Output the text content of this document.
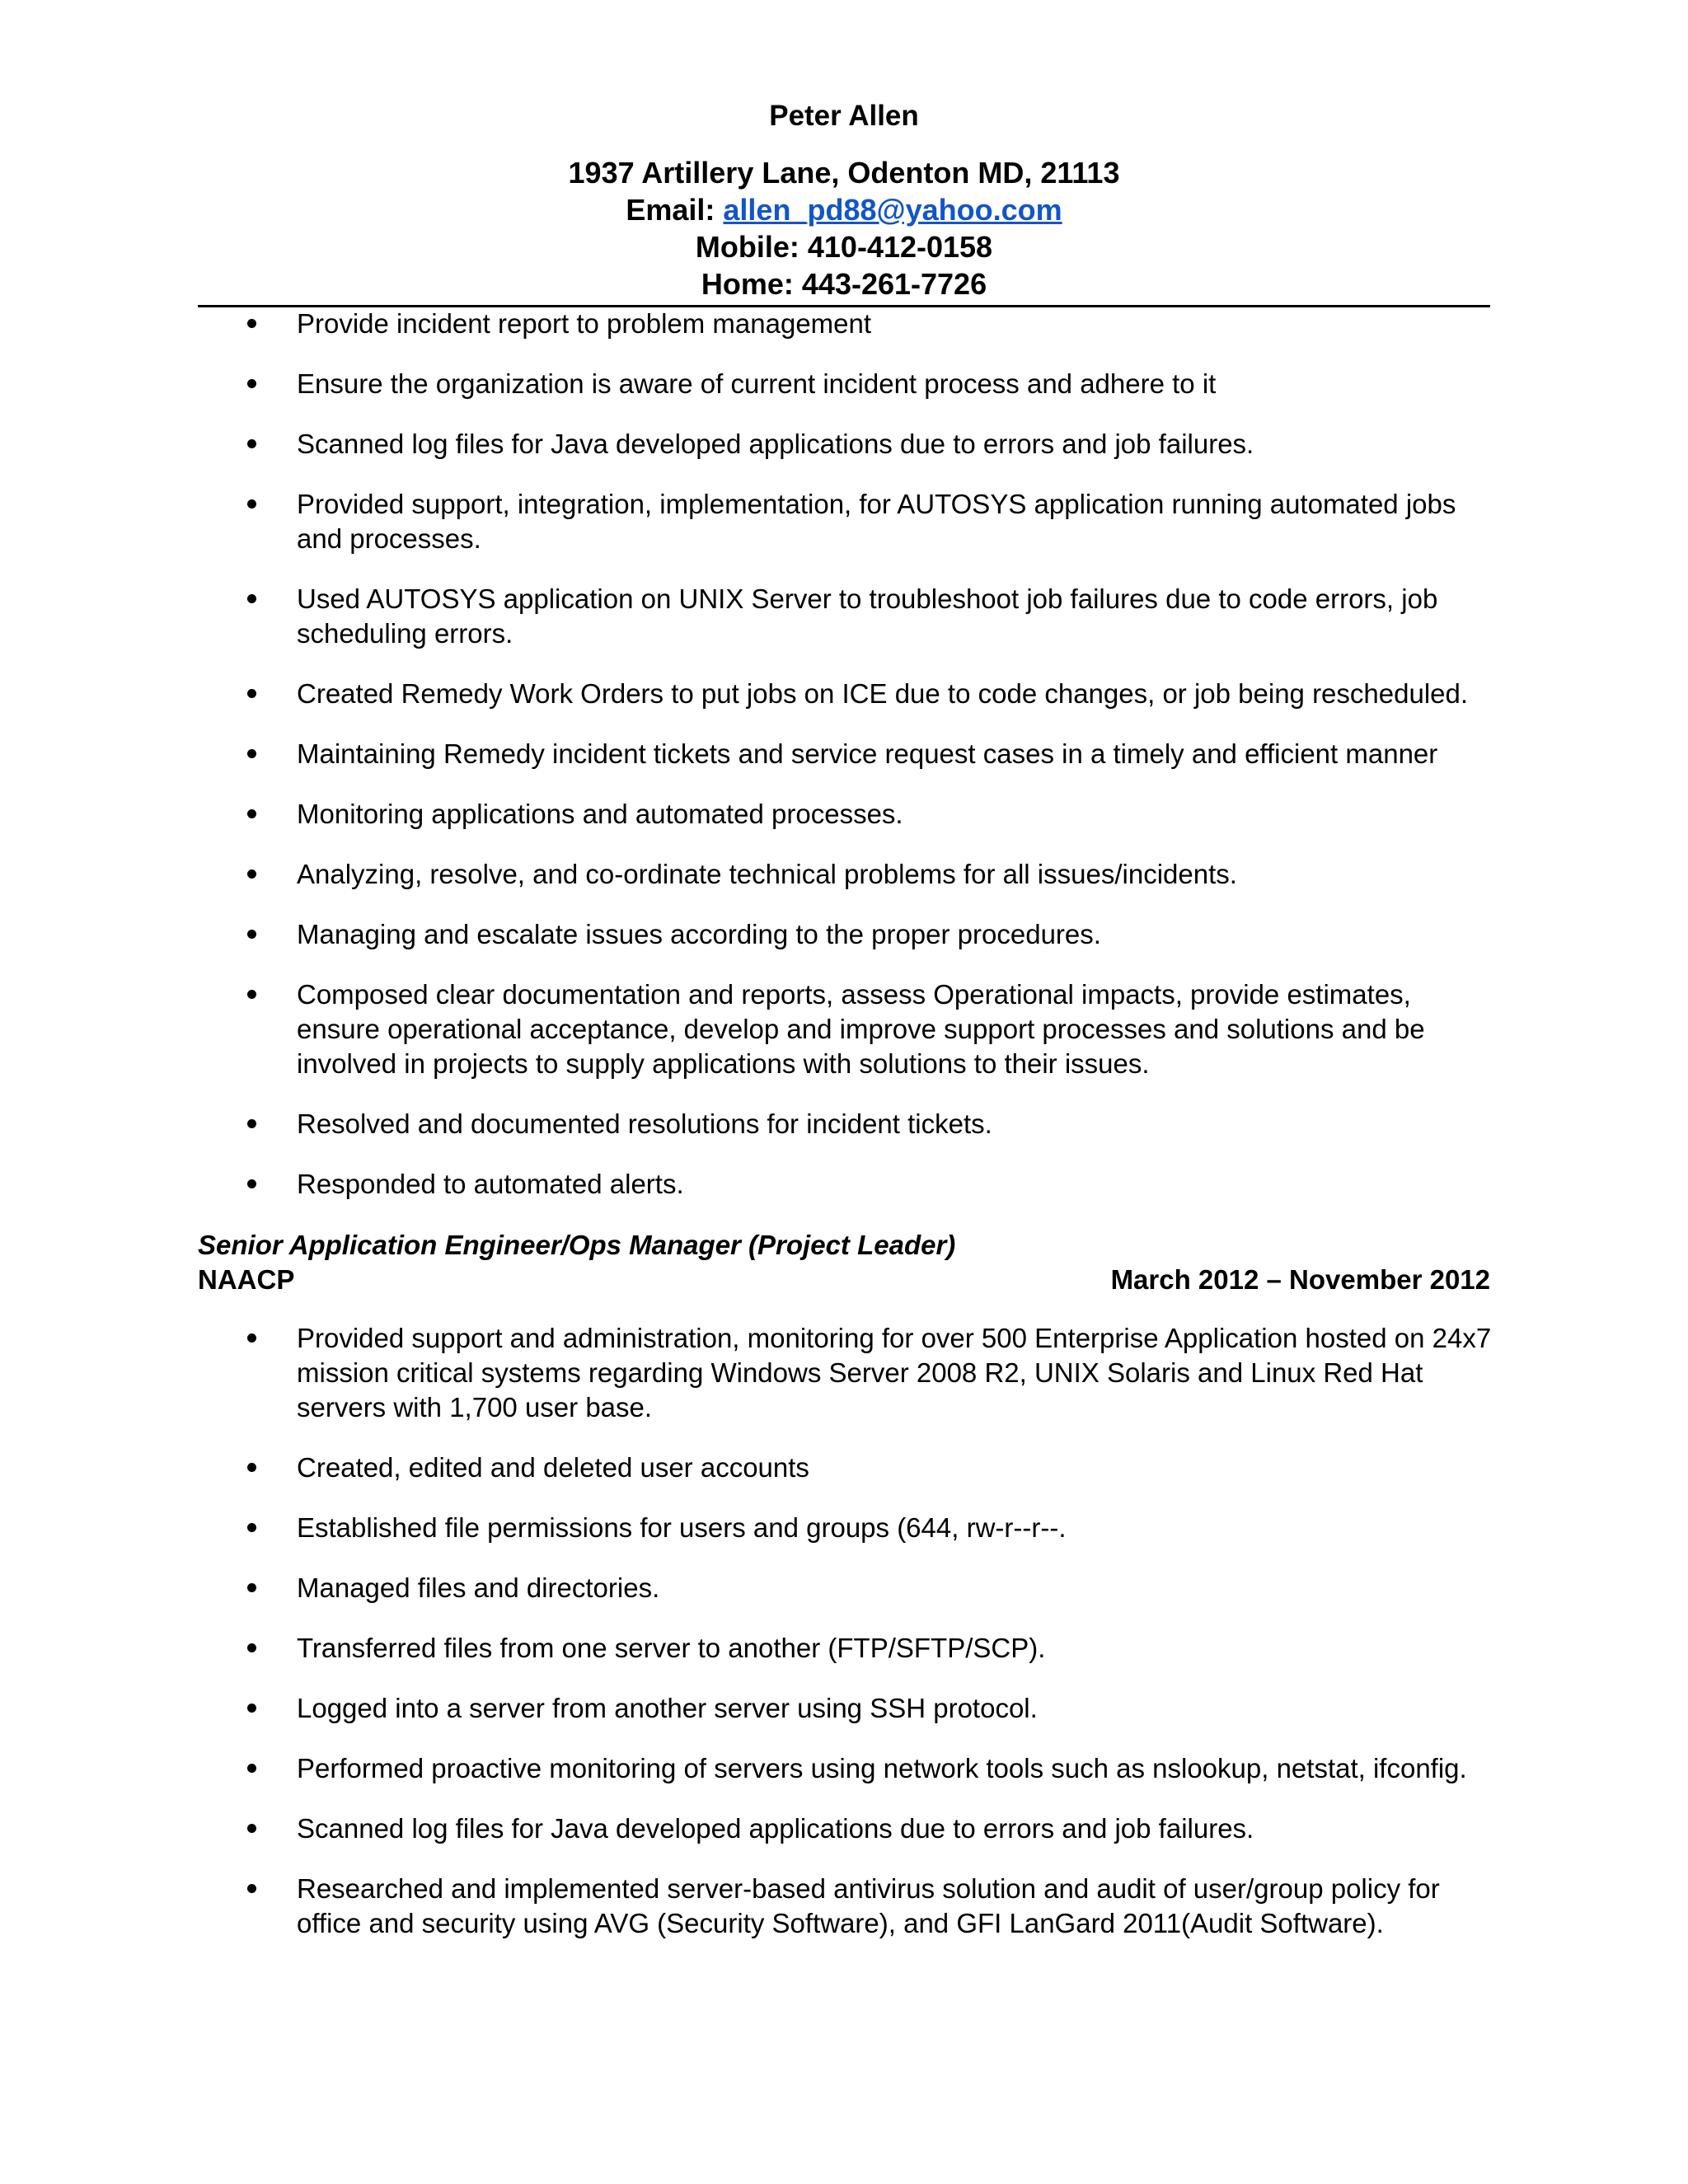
Peter Allen

1937 Artillery Lane, Odenton MD, 21113

Email: allen_pd88@yahoo.com

Mobile: 410-412-0158

Home: 443-261-7726

Provide incident report to problem management
Ensure the organization is aware of current incident process and adhere to it
Scanned log files for Java developed applications due to errors and job failures.
Provided support, integration, implementation, for AUTOSYS application running automated jobs and processes.
Used AUTOSYS application on UNIX Server to troubleshoot job failures due to code errors, job scheduling errors.
Created Remedy Work Orders to put jobs on ICE due to code changes, or job being rescheduled.
Maintaining Remedy incident tickets and service request cases in a timely and efficient manner
Monitoring applications and automated processes.
Analyzing, resolve, and co-ordinate technical problems for all issues/incidents.
Managing and escalate issues according to the proper procedures.
Composed clear documentation and reports, assess Operational impacts, provide estimates, ensure operational acceptance, develop and improve support processes and solutions and be involved in projects to supply applications with solutions to their issues.
Resolved and documented resolutions for incident tickets.
Responded to automated alerts.

Senior Application Engineer/Ops Manager (Project Leader)

NAACP	March 2012 – November 2012
Provided support and administration, monitoring for over 500 Enterprise Application hosted on 24x7 mission critical systems regarding Windows Server 2008 R2, UNIX Solaris and Linux Red Hat servers with 1,700 user base.
Created, edited and deleted user accounts
Established file permissions for users and groups (644, rw-r--r--.
Managed files and directories.
Transferred files from one server to another (FTP/SFTP/SCP).
Logged into a server from another server using SSH protocol.
Performed proactive monitoring of servers using network tools such as nslookup, netstat, ifconfig.
Scanned log files for Java developed applications due to errors and job failures.
Researched and implemented server-based antivirus solution and audit of user/group policy for office and security using AVG (Security Software), and GFI LanGard 2011(Audit Software).
